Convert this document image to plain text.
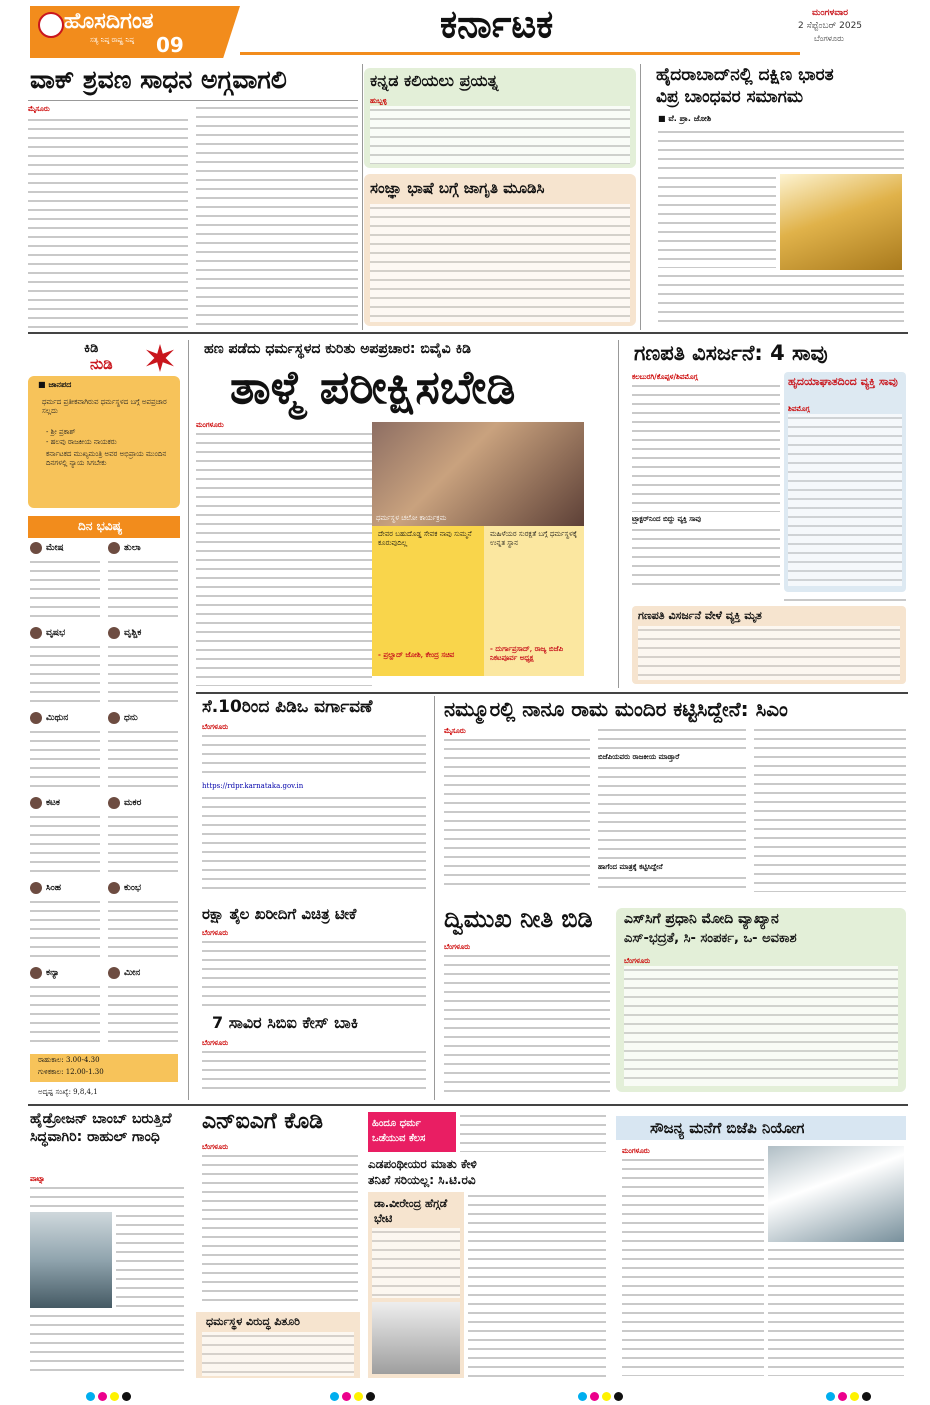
ಹೊಸದಿಗಂತ
ಸತ್ಯ ನಿಷ್ಠ ರಾಷ್ಟ್ರ ನಿಷ್ಠ 09	ಕರ್ನಾಟಕ	ಮಂಗಳವಾರ
2 ಸೆಪ್ಟೆಂಬರ್ 2025
ಬೆಂಗಳೂರು
ವಾಕ್ ಶ್ರವಣ ಸಾಧನ ಅಗ್ಗವಾಗಲಿ
ಮೈಸೂರು
ಕನ್ನಡ ಕಲಿಯಲು ಪ್ರಯತ್ನ
ಹುಬ್ಬಳ್ಳಿ
ಸಂಜ್ಞಾ ಭಾಷೆ ಬಗ್ಗೆ ಜಾಗೃತಿ ಮೂಡಿಸಿ
ಹೈದರಾಬಾದ್‌ನಲ್ಲಿ ದಕ್ಷಿಣ ಭಾರತ
ವಿಪ್ರ ಬಾಂಧವರ ಸಮಾಗಮ
■ ವೆ. ಪ್ರಾ. ಜೋಶಿ
ಕಿಡಿ
ನುಡಿ
■ ಜಾನಪದ
ಧರ್ಮದ ಪ್ರತೀಕವಾಗಿರುವ ಧರ್ಮಸ್ಥಳದ ಬಗ್ಗೆ ಅಪಪ್ರಚಾರ ಸಲ್ಲದು
- ಶ್ರೀ ಪ್ರಕಾಶ್
- ಹಲವು ರಾಜಕೀಯ ನಾಯಕರು
ಕರ್ನಾಟಕದ ಮುಖ್ಯಮಂತ್ರಿ ಅವರ ಅಭಿಪ್ರಾಯ ಮುಂದಿನ ದಿನಗಳಲ್ಲಿ ನ್ಯಾಯ ಸಿಗಬೇಕು
ದಿನ ಭವಿಷ್ಯ
ಮೇಷ
ವೃಷಭ
ಮಿಥುನ
ಕಟಕ
ಸಿಂಹ
ಕನ್ಯಾ
ತುಲಾ
ವೃಶ್ಚಿಕ
ಧನು
ಮಕರ
ಕುಂಭ
ಮೀನ
ರಾಹುಕಾಲ: 3.00-4.30
ಗುಳಿಕಕಾಲ: 12.00-1.30
ಅದೃಷ್ಟ ಸಂಖ್ಯೆ: 9,8,4,1
ಹಣ ಪಡೆದು ಧರ್ಮಸ್ಥಳದ ಕುರಿತು ಅಪಪ್ರಚಾರ: ಬಿವೈವಿ ಕಿಡಿ
ತಾಳ್ಮೆ ಪರೀಕ್ಷಿಸಬೇಡಿ
ಮಂಗಳೂರು
ಧರ್ಮಸ್ಥಳ ಚಲೋ ಕಾರ್ಯಕ್ರಮ
ದೇವರ ಬಹುದೊಡ್ಡ ಸೇವಕ ನಾವು ಸುಮ್ಮನೆ ಕೂರುವುದಿಲ್ಲ
- ಪ್ರಲ್ಹಾದ್ ಜೋಶಿ, ಕೇಂದ್ರ ಸಚಿವ
ಮಹಿಳೆಯರ ಸುರಕ್ಷತೆ ಬಗ್ಗೆ ಧರ್ಮಸ್ಥಳಕ್ಕೆ ಉನ್ನತ ಸ್ಥಾನ
- ದುರ್ಗಾಪ್ರಸಾದ್, ರಾಜ್ಯ ಬಿಜೆಪಿ ನಿಕಟಪೂರ್ವ ಅಧ್ಯಕ್ಷ
ಗಣಪತಿ ವಿಸರ್ಜನೆ: 4 ಸಾವು
ಕಲಬುರಗಿ/ಕೊಪ್ಪಳ/ಶಿವಮೊಗ್ಗ
ಟ್ರ್ಯಾಕ್ಟರ್‌ನಿಂದ ಬಿದ್ದು ವ್ಯಕ್ತಿ ಸಾವು
ಹೃದಯಾಘಾತದಿಂದ ವ್ಯಕ್ತಿ ಸಾವು
ಶಿವಮೊಗ್ಗ
ಗಣಪತಿ ವಿಸರ್ಜನೆ ವೇಳೆ ವ್ಯಕ್ತಿ ಮೃತ
ಸೆ.10ರಿಂದ ಪಿಡಿಒ ವರ್ಗಾವಣೆ
ಬೆಂಗಳೂರು
https://rdpr.karnataka.gov.in
ನಮ್ಮೂರಲ್ಲಿ ನಾನೂ ರಾಮ ಮಂದಿರ ಕಟ್ಟಿಸಿದ್ದೇನೆ: ಸಿಎಂ
ಮೈಸೂರು
ಬಿಜೆಪಿಯವರು ರಾಜಕೀಯ ಮಾಡ್ತಾರೆ
ಹಾಗೆಂದ ಮಾತ್ರಕ್ಕೆ ಕಟ್ಟಿಸಿದ್ದೇನೆ
ರಕ್ಷಾ ತೈಲ ಖರೀದಿಗೆ ವಿಚಿತ್ರ ಟೀಕೆ
ಬೆಂಗಳೂರು
7 ಸಾವಿರ ಸಿಬಿಐ ಕೇಸ್ ಬಾಕಿ
ಬೆಂಗಳೂರು
ದ್ವಿಮುಖ ನೀತಿ ಬಿಡಿ
ಬೆಂಗಳೂರು
ಎಸ್‌ಸಿಗೆ ಪ್ರಧಾನಿ ಮೋದಿ ವ್ಯಾಖ್ಯಾನ
ಎಸ್-ಭದ್ರತೆ, ಸಿ- ಸಂಪರ್ಕ, ಒ- ಅವಕಾಶ
ಬೆಂಗಳೂರು
ಹೈಡ್ರೋಜನ್ ಬಾಂಬ್ ಬರುತ್ತಿದೆ ಸಿದ್ಧವಾಗಿರಿ: ರಾಹುಲ್ ಗಾಂಧಿ
ಪಾಟ್ನಾ
ಎನ್‌ಐಎಗೆ ಕೊಡಿ
ಬೆಂಗಳೂರು
ಧರ್ಮಸ್ಥಳ ವಿರುದ್ಧ ಪಿತೂರಿ
ಹಿಂದೂ ಧರ್ಮ ಒಡೆಯುವ ಕೆಲಸ
ಎಡಪಂಥೀಯರ ಮಾತು ಕೇಳಿ
ತನಿಖೆ ಸರಿಯಲ್ಲ: ಸಿ.ಟಿ.ರವಿ
ಡಾ.ವೀರೇಂದ್ರ ಹೆಗ್ಗಡೆ ಭೇಟಿ
ಸೌಜನ್ಯ ಮನೆಗೆ ಬಿಜೆಪಿ ನಿಯೋಗ
ಮಂಗಳೂರು
